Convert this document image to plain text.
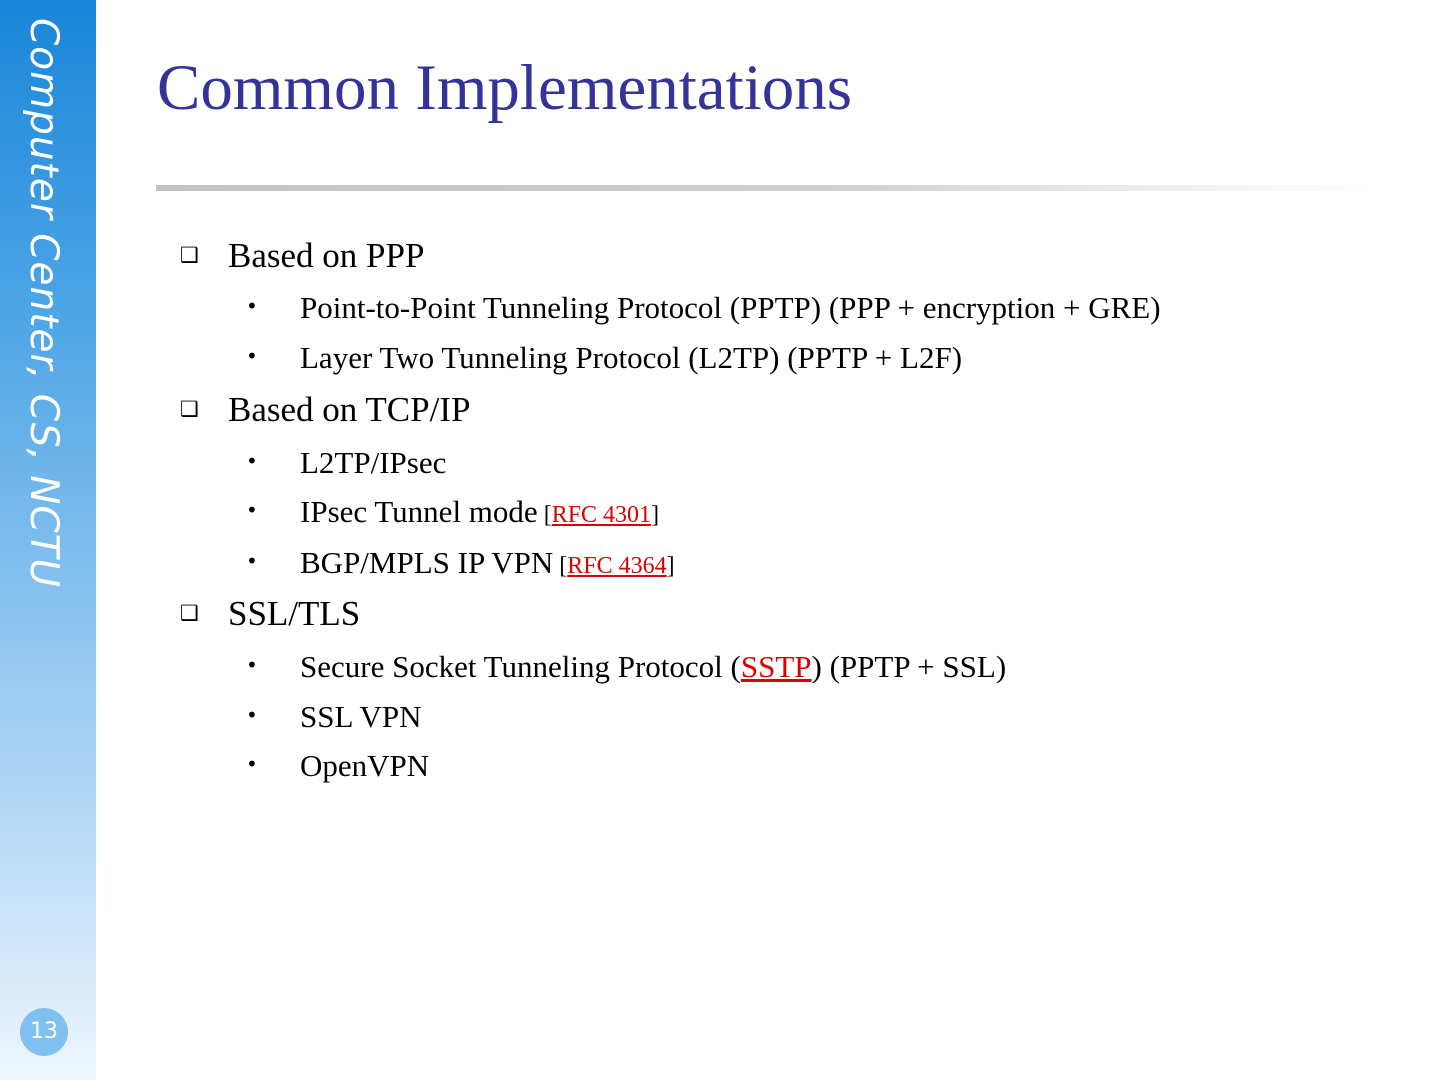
Computer Center, CS, NCTU
13
Common Implementations
❑ Based on PPP
• Point-to-Point Tunneling Protocol (PPTP) (PPP + encryption + GRE)
• Layer Two Tunneling Protocol (L2TP) (PPTP + L2F)
❑ Based on TCP/IP
• L2TP/IPsec
• IPsec Tunnel mode [RFC 4301]
• BGP/MPLS IP VPN [RFC 4364]
❑ SSL/TLS
• Secure Socket Tunneling Protocol (SSTP) (PPTP + SSL)
• SSL VPN
• OpenVPN
